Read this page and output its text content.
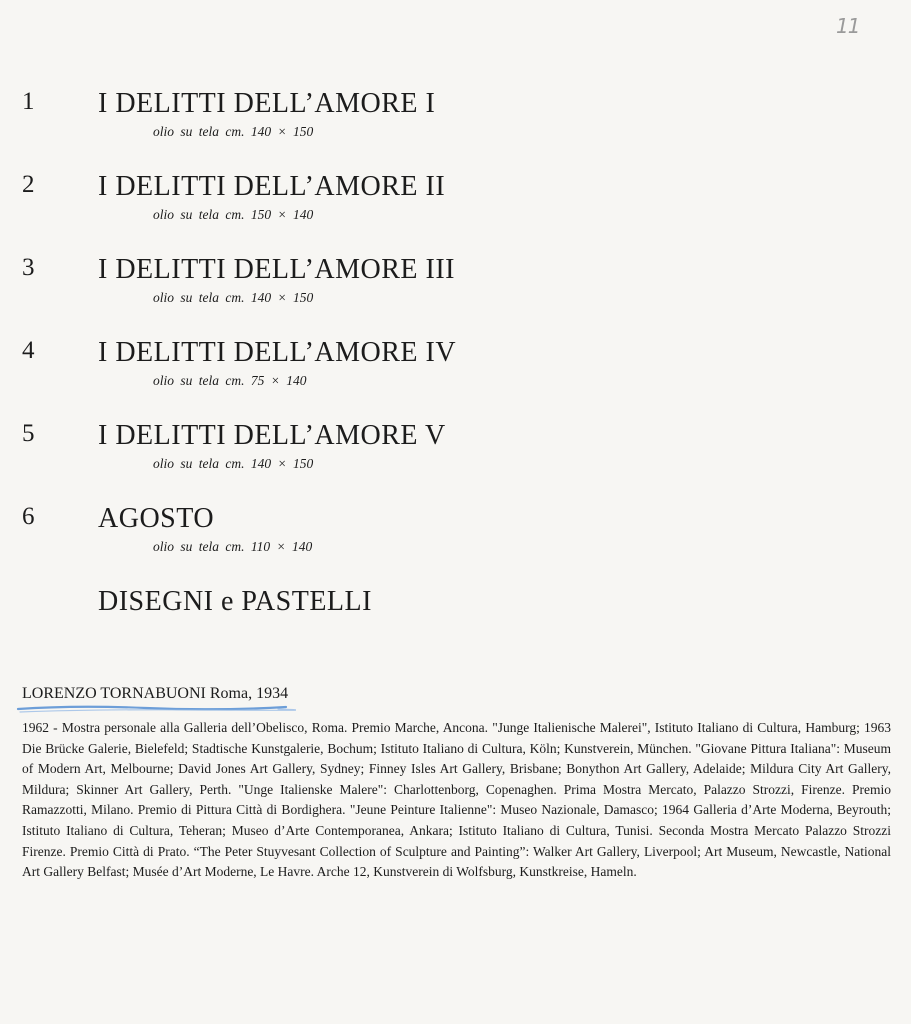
11
1 I DELITTI DELL’AMORE I
olio su tela cm. 140 × 150
2 I DELITTI DELL’AMORE II
olio su tela cm. 150 × 140
3 I DELITTI DELL’AMORE III
olio su tela cm. 140 × 150
4 I DELITTI DELL’AMORE IV
olio su tela cm. 75 × 140
5 I DELITTI DELL’AMORE V
olio su tela cm. 140 × 150
6 AGOSTO
olio su tela cm. 110 × 140
DISEGNI e PASTELLI
LORENZO TORNABUONI Roma, 1934
1962 - Mostra personale alla Galleria dell’Obelisco, Roma. Premio Marche, Ancona. "Junge Italienische Malerei", Istituto Italiano di Cultura, Hamburg; 1963 Die Brücke Galerie, Bielefeld; Stadtische Kunstgalerie, Bochum; Istituto Italiano di Cultura, Köln; Kunstverein, München. "Giovane Pittura Italiana": Museum of Modern Art, Melbourne; David Jones Art Gallery, Sydney; Finney Isles Art Gallery, Brisbane; Bonython Art Gallery, Adelaide; Mildura City Art Gallery, Mildura; Skinner Art Gallery, Perth. "Unge Italienske Malere": Charlottenborg, Copenaghen. Prima Mostra Mercato, Palazzo Strozzi, Firenze. Premio Ramazzotti, Milano. Premio di Pittura Città di Bordighera. "Jeune Peinture Italienne": Museo Nazionale, Damasco; 1964 Galleria d’Arte Moderna, Beyrouth; Istituto Italiano di Cultura, Teheran; Museo d’Arte Contemporanea, Ankara; Istituto Italiano di Cultura, Tunisi. Seconda Mostra Mercato Palazzo Strozzi Firenze. Premio Città di Prato. “The Peter Stuyvesant Collection of Sculpture and Painting”: Walker Art Gallery, Liverpool; Art Museum, Newcastle, National Art Gallery Belfast; Musée d’Art Moderne, Le Havre. Arche 12, Kunstverein di Wolfsburg, Kunstkreise, Hameln.
